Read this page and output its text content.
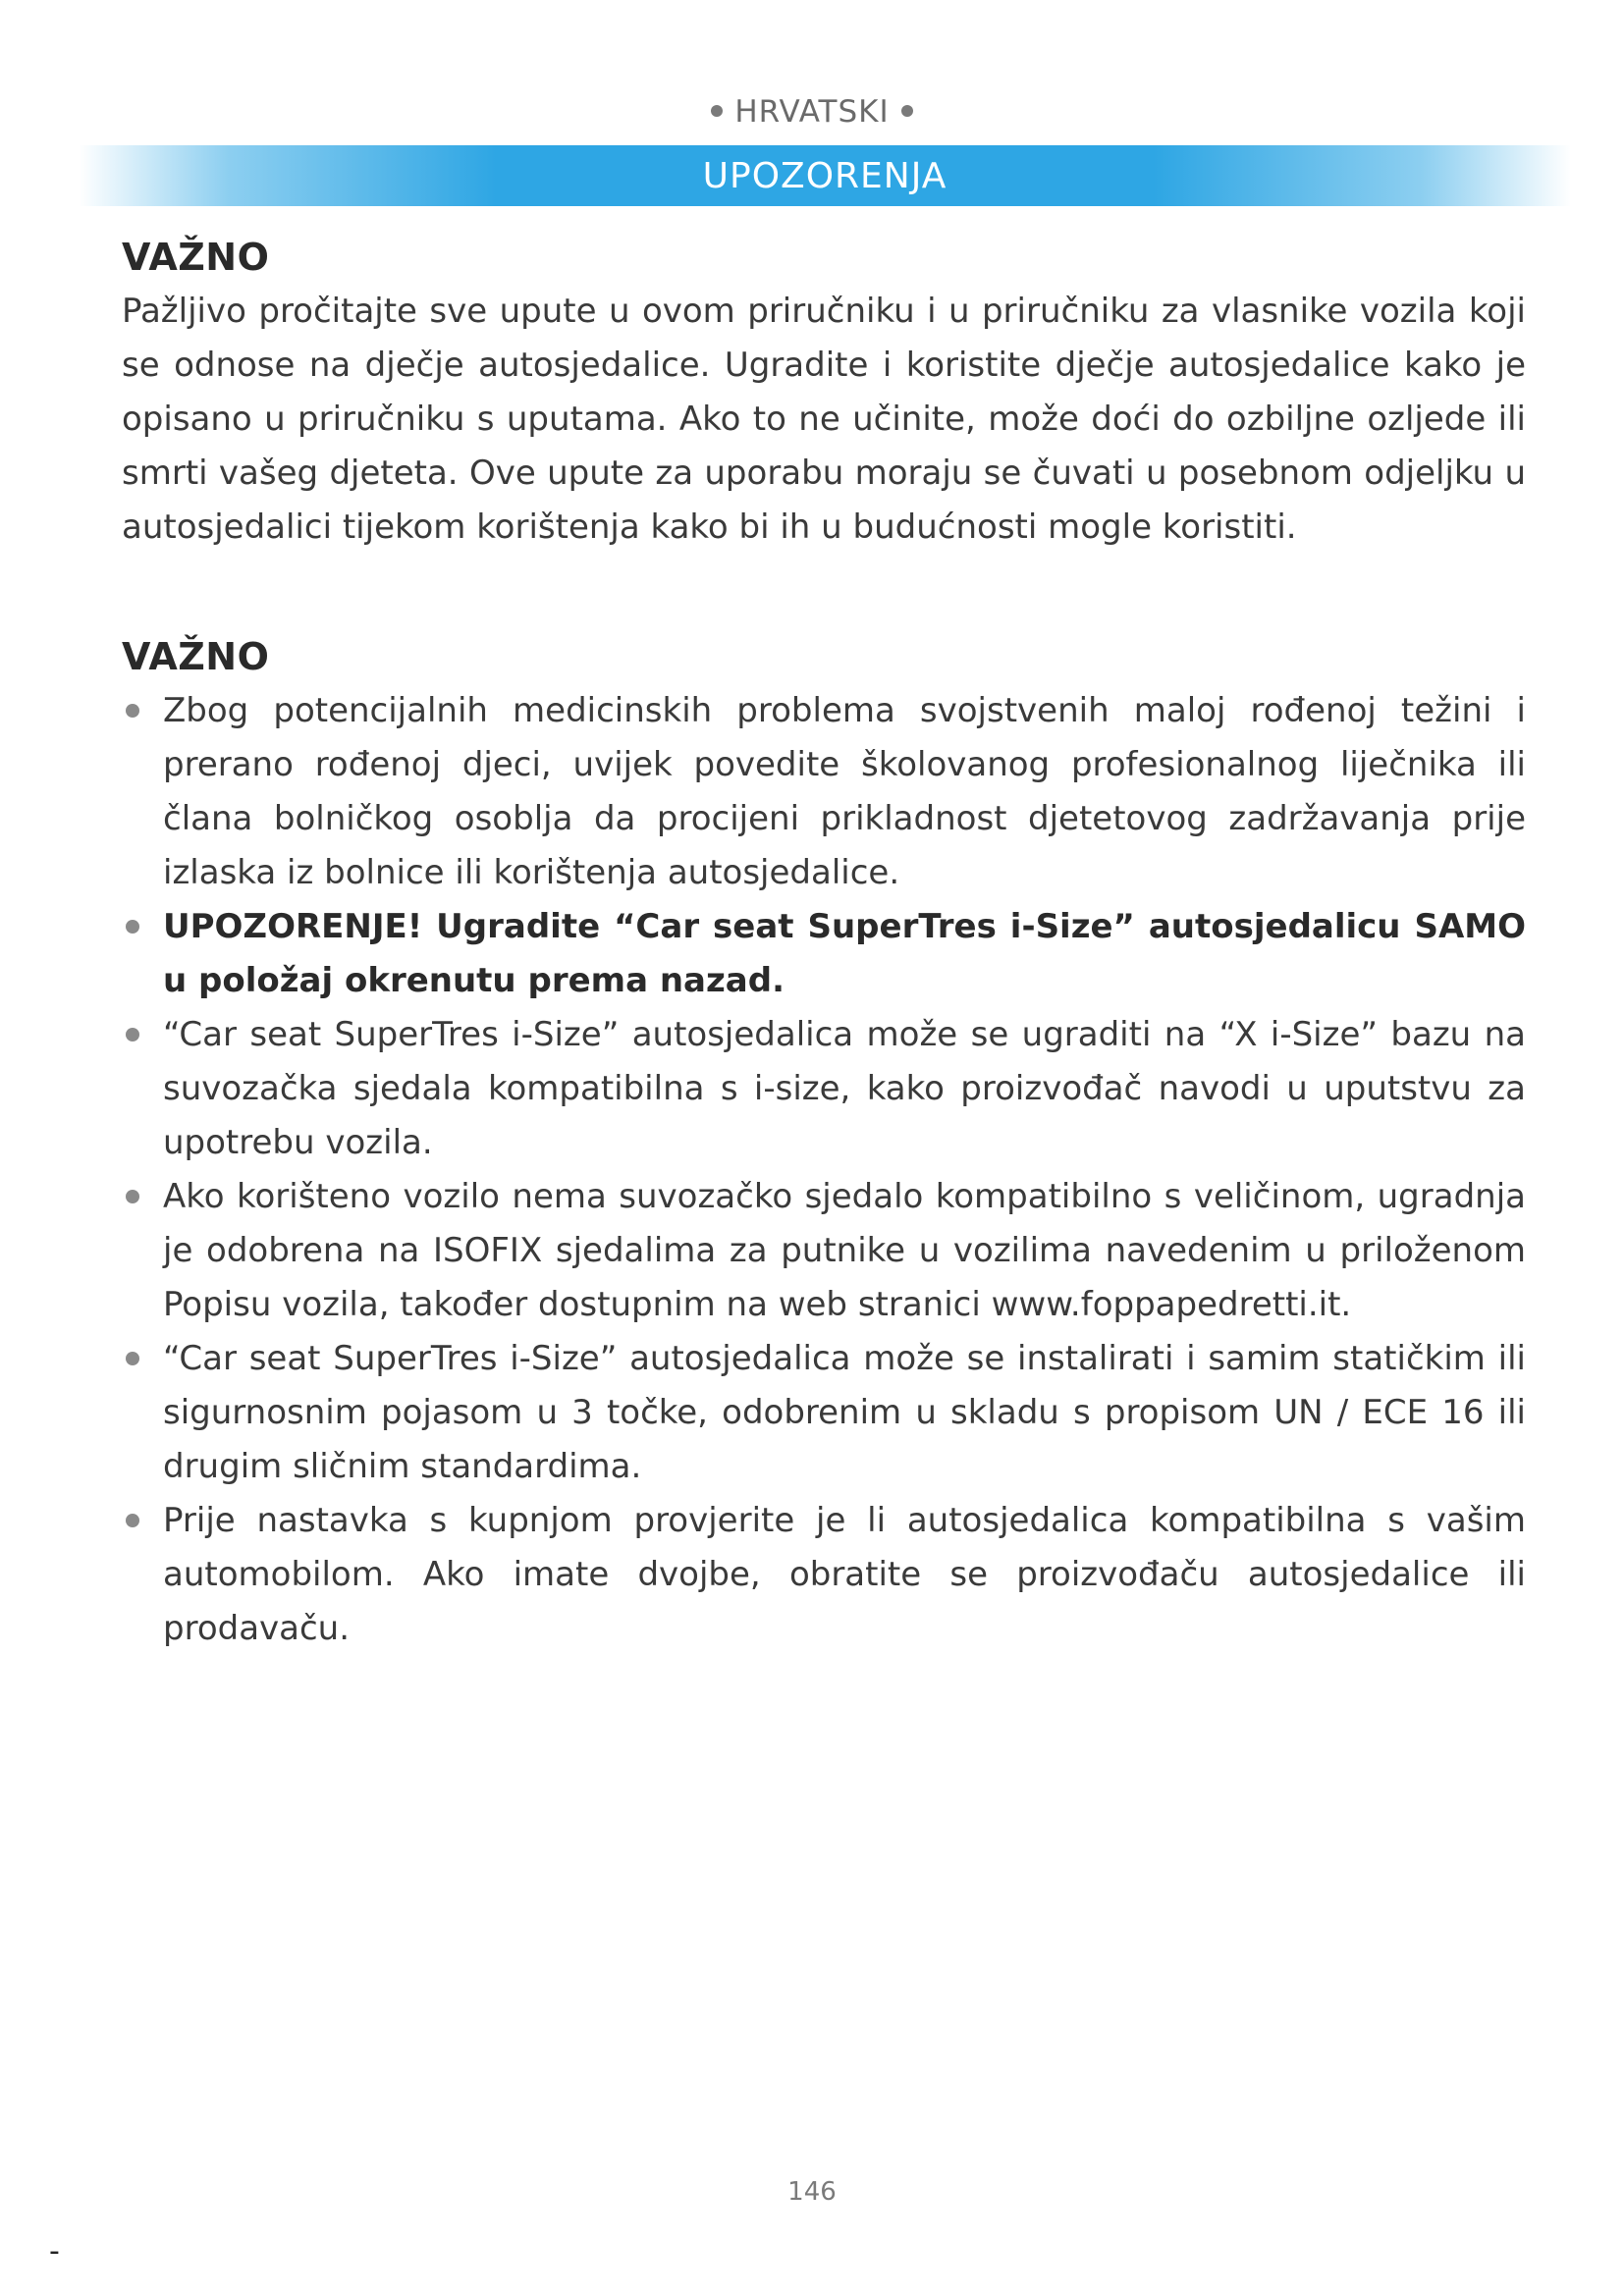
HRVATSKI
UPOZORENJA
VAŽNO

Pažljivo pročitajte sve upute u ovom priručniku i u priručniku za vlasnike vozila koji se odnose na dječje autosjedalice. Ugradite i koristite dječje autosjedalice kako je opisano u priručniku s uputama. Ako to ne učinite, može doći do ozbiljne ozljede ili smrti vašeg djeteta. Ove upute za uporabu moraju se čuvati u posebnom odjeljku u autosjedalici tijekom korištenja kako bi ih u budućnosti mogle koristiti.

VAŽNO
Zbog potencijalnih medicinskih problema svojstvenih maloj rođenoj težini i prerano rođenoj djeci, uvijek povedite školovanog profesionalnog liječnika ili člana bolničkog osoblja da procijeni prikladnost djetetovog zadržavanja prije izlaska iz bolnice ili korištenja autosjedalice.
UPOZORENJE! Ugradite “Car seat SuperTres i-Size” autosjedalicu SAMO u položaj okrenutu prema nazad.
“Car seat SuperTres i-Size” autosjedalica može se ugraditi na “X i-Size” bazu na suvozačka sjedala kompatibilna s i-size, kako proizvođač navodi u uputstvu za upotrebu vozila.
Ako korišteno vozilo nema suvozačko sjedalo kompatibilno s veličinom, ugradnja je odobrena na ISOFIX sjedalima za putnike u vozilima navedenim u priloženom Popisu vozila, također dostupnim na web stranici www.foppapedretti.it.
“Car seat SuperTres i-Size” autosjedalica može se instalirati i samim statičkim ili sigurnosnim pojasom u 3 točke, odobrenim u skladu s propisom UN / ECE 16 ili drugim sličnim standardima.
Prije nastavka s kupnjom provjerite je li autosjedalica kompatibilna s vašim automobilom. Ako imate dvojbe, obratite se proizvođaču autosjedalice ili prodavaču.
146
-
